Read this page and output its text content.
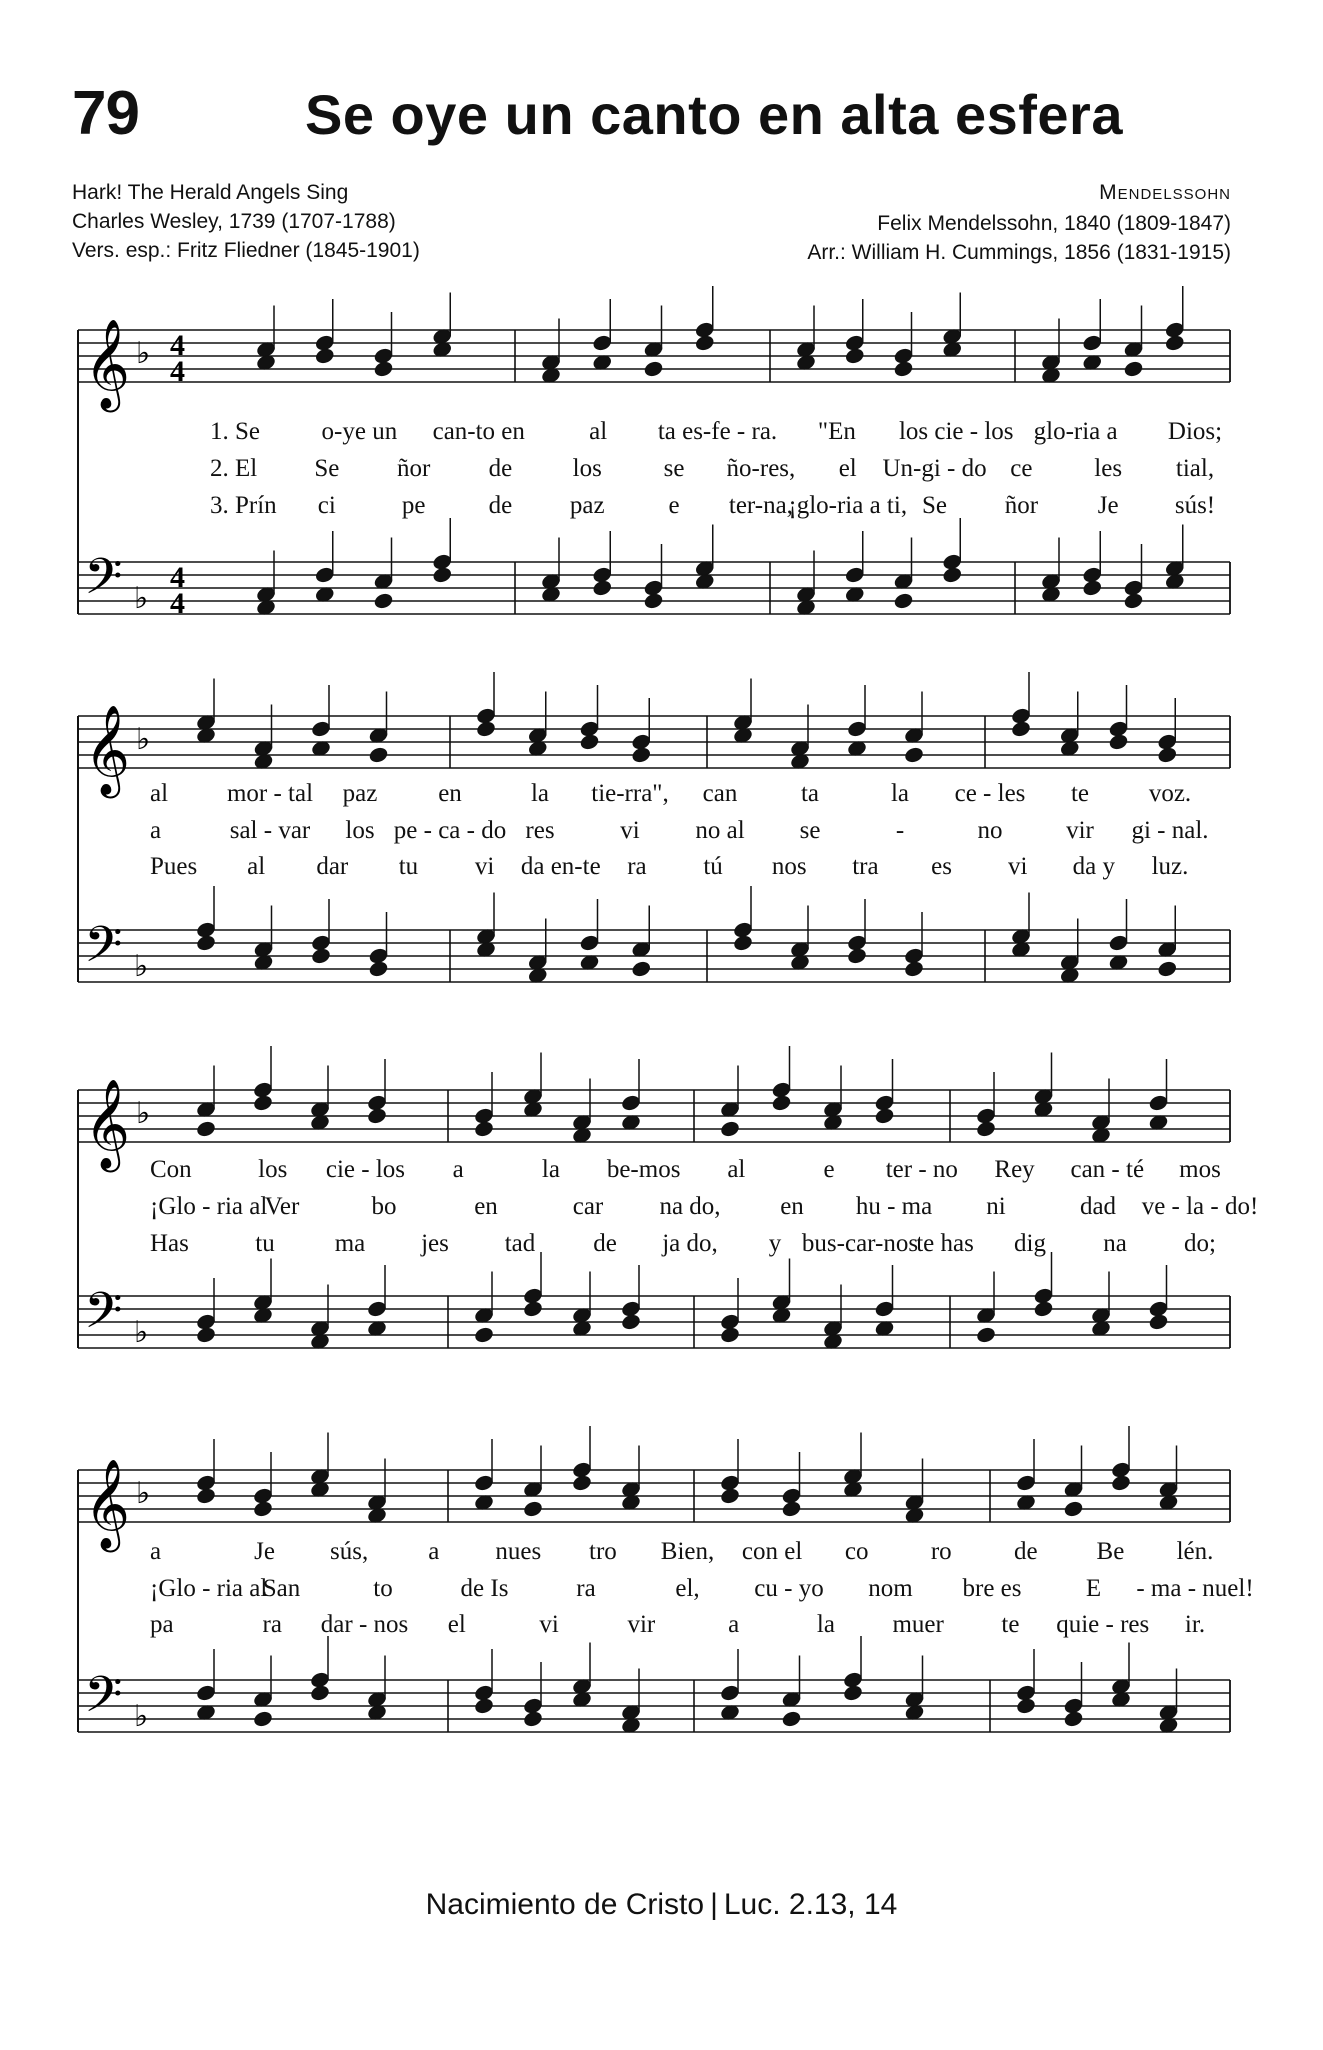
79	Se oye un canto en alta esfera
Hark! The Herald Angels Sing
Charles Wesley, 1739 (1707-1788)
Vers. esp.: Fritz Fliedner (1845-1901)
MENDELSSOHN
Felix Mendelssohn, 1840 (1809-1847)
Arr.: William H. Cummings, 1856 (1831-1915)
𝄞
𝄢
♭
♭
4
4
4
4
1. Se o-ye un can-to en	al ta es-fe - ra. "En los cie - los glo-ria a Dios;
2. El Se ñor de los se ño-res, el Un-gi - do ce les tial,
3. Prín ci	pe	de paz	e ter-na,
¡glo-ria a ti, Se ñor Je sús!
𝄞
𝄢
♭
♭
al mor - tal paz en	la tie-rra", can	ta	la ce - les te voz.
a	sal - var los pe - ca - do res	vi no al se	-	no	vir gi - nal.
Pues al dar tu vi da en-te ra tú nos tra es vi da y luz.
𝄞
𝄢
♭
♭
Con	los cie - los a	la be-mos al	e ter - no Rey can - té mos
¡Glo - ria al
Ver	bo	en	car na do, en hu - ma ni	dad ve - la - do!
Has	tu ma jes tad de ja do, y bus-car-nos
te has dig na do;
𝄞
𝄢
♭
♭
a	Je sús, a nues tro Bien, con el co ro de Be lén.
¡Glo - ria al
San	to	de Is	ra	el, cu - yo nom bre es	E - ma - nuel!
pa	ra dar - nos el	vi	vir	a	la muer te quie - res ir.
Nacimiento de Cristo | Luc. 2.13, 14
